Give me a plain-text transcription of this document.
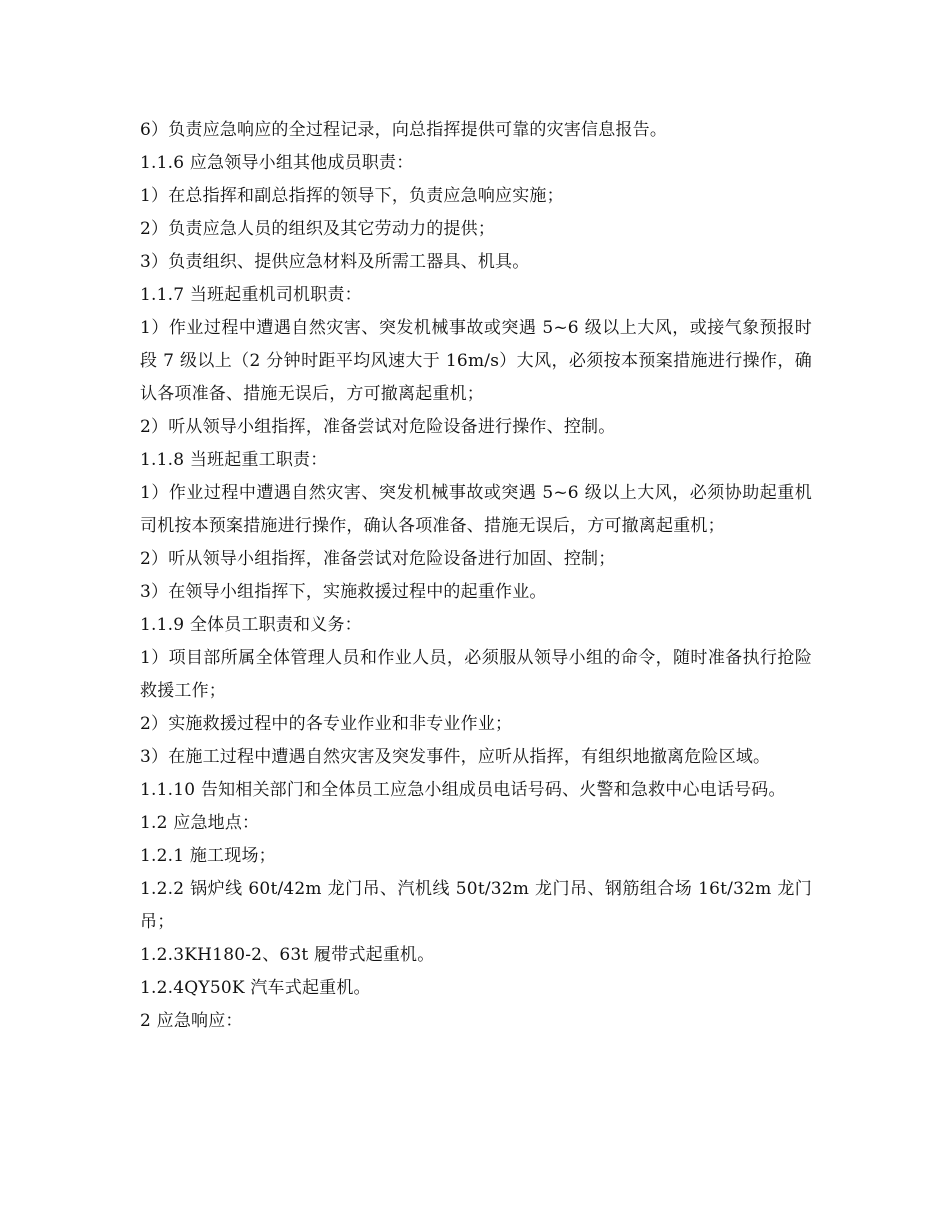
6）负责应急响应的全过程记录，向总指挥提供可靠的灾害信息报告。

1.1.6 应急领导小组其他成员职责：

1）在总指挥和副总指挥的领导下，负责应急响应实施；

2）负责应急人员的组织及其它劳动力的提供；

3）负责组织、提供应急材料及所需工器具、机具。

1.1.7 当班起重机司机职责：

1）作业过程中遭遇自然灾害、突发机械事故或突遇 5~6 级以上大风，或接气象预报时段 7 级以上（2 分钟时距平均风速大于 16m/s）大风，必须按本预案措施进行操作，确认各项准备、措施无误后，方可撤离起重机；

2）听从领导小组指挥，准备尝试对危险设备进行操作、控制。

1.1.8 当班起重工职责：

1）作业过程中遭遇自然灾害、突发机械事故或突遇 5~6 级以上大风，必须协助起重机司机按本预案措施进行操作，确认各项准备、措施无误后，方可撤离起重机；

2）听从领导小组指挥，准备尝试对危险设备进行加固、控制；

3）在领导小组指挥下，实施救援过程中的起重作业。

1.1.9 全体员工职责和义务：

1）项目部所属全体管理人员和作业人员，必须服从领导小组的命令，随时准备执行抢险救援工作；

2）实施救援过程中的各专业作业和非专业作业；

3）在施工过程中遭遇自然灾害及突发事件，应听从指挥，有组织地撤离危险区域。

1.1.10 告知相关部门和全体员工应急小组成员电话号码、火警和急救中心电话号码。

1.2 应急地点：

1.2.1 施工现场；

1.2.2 锅炉线 60t/42m 龙门吊、汽机线 50t/32m 龙门吊、钢筋组合场 16t/32m 龙门吊；

1.2.3KH180-2、63t 履带式起重机。

1.2.4QY50K 汽车式起重机。

2 应急响应：
